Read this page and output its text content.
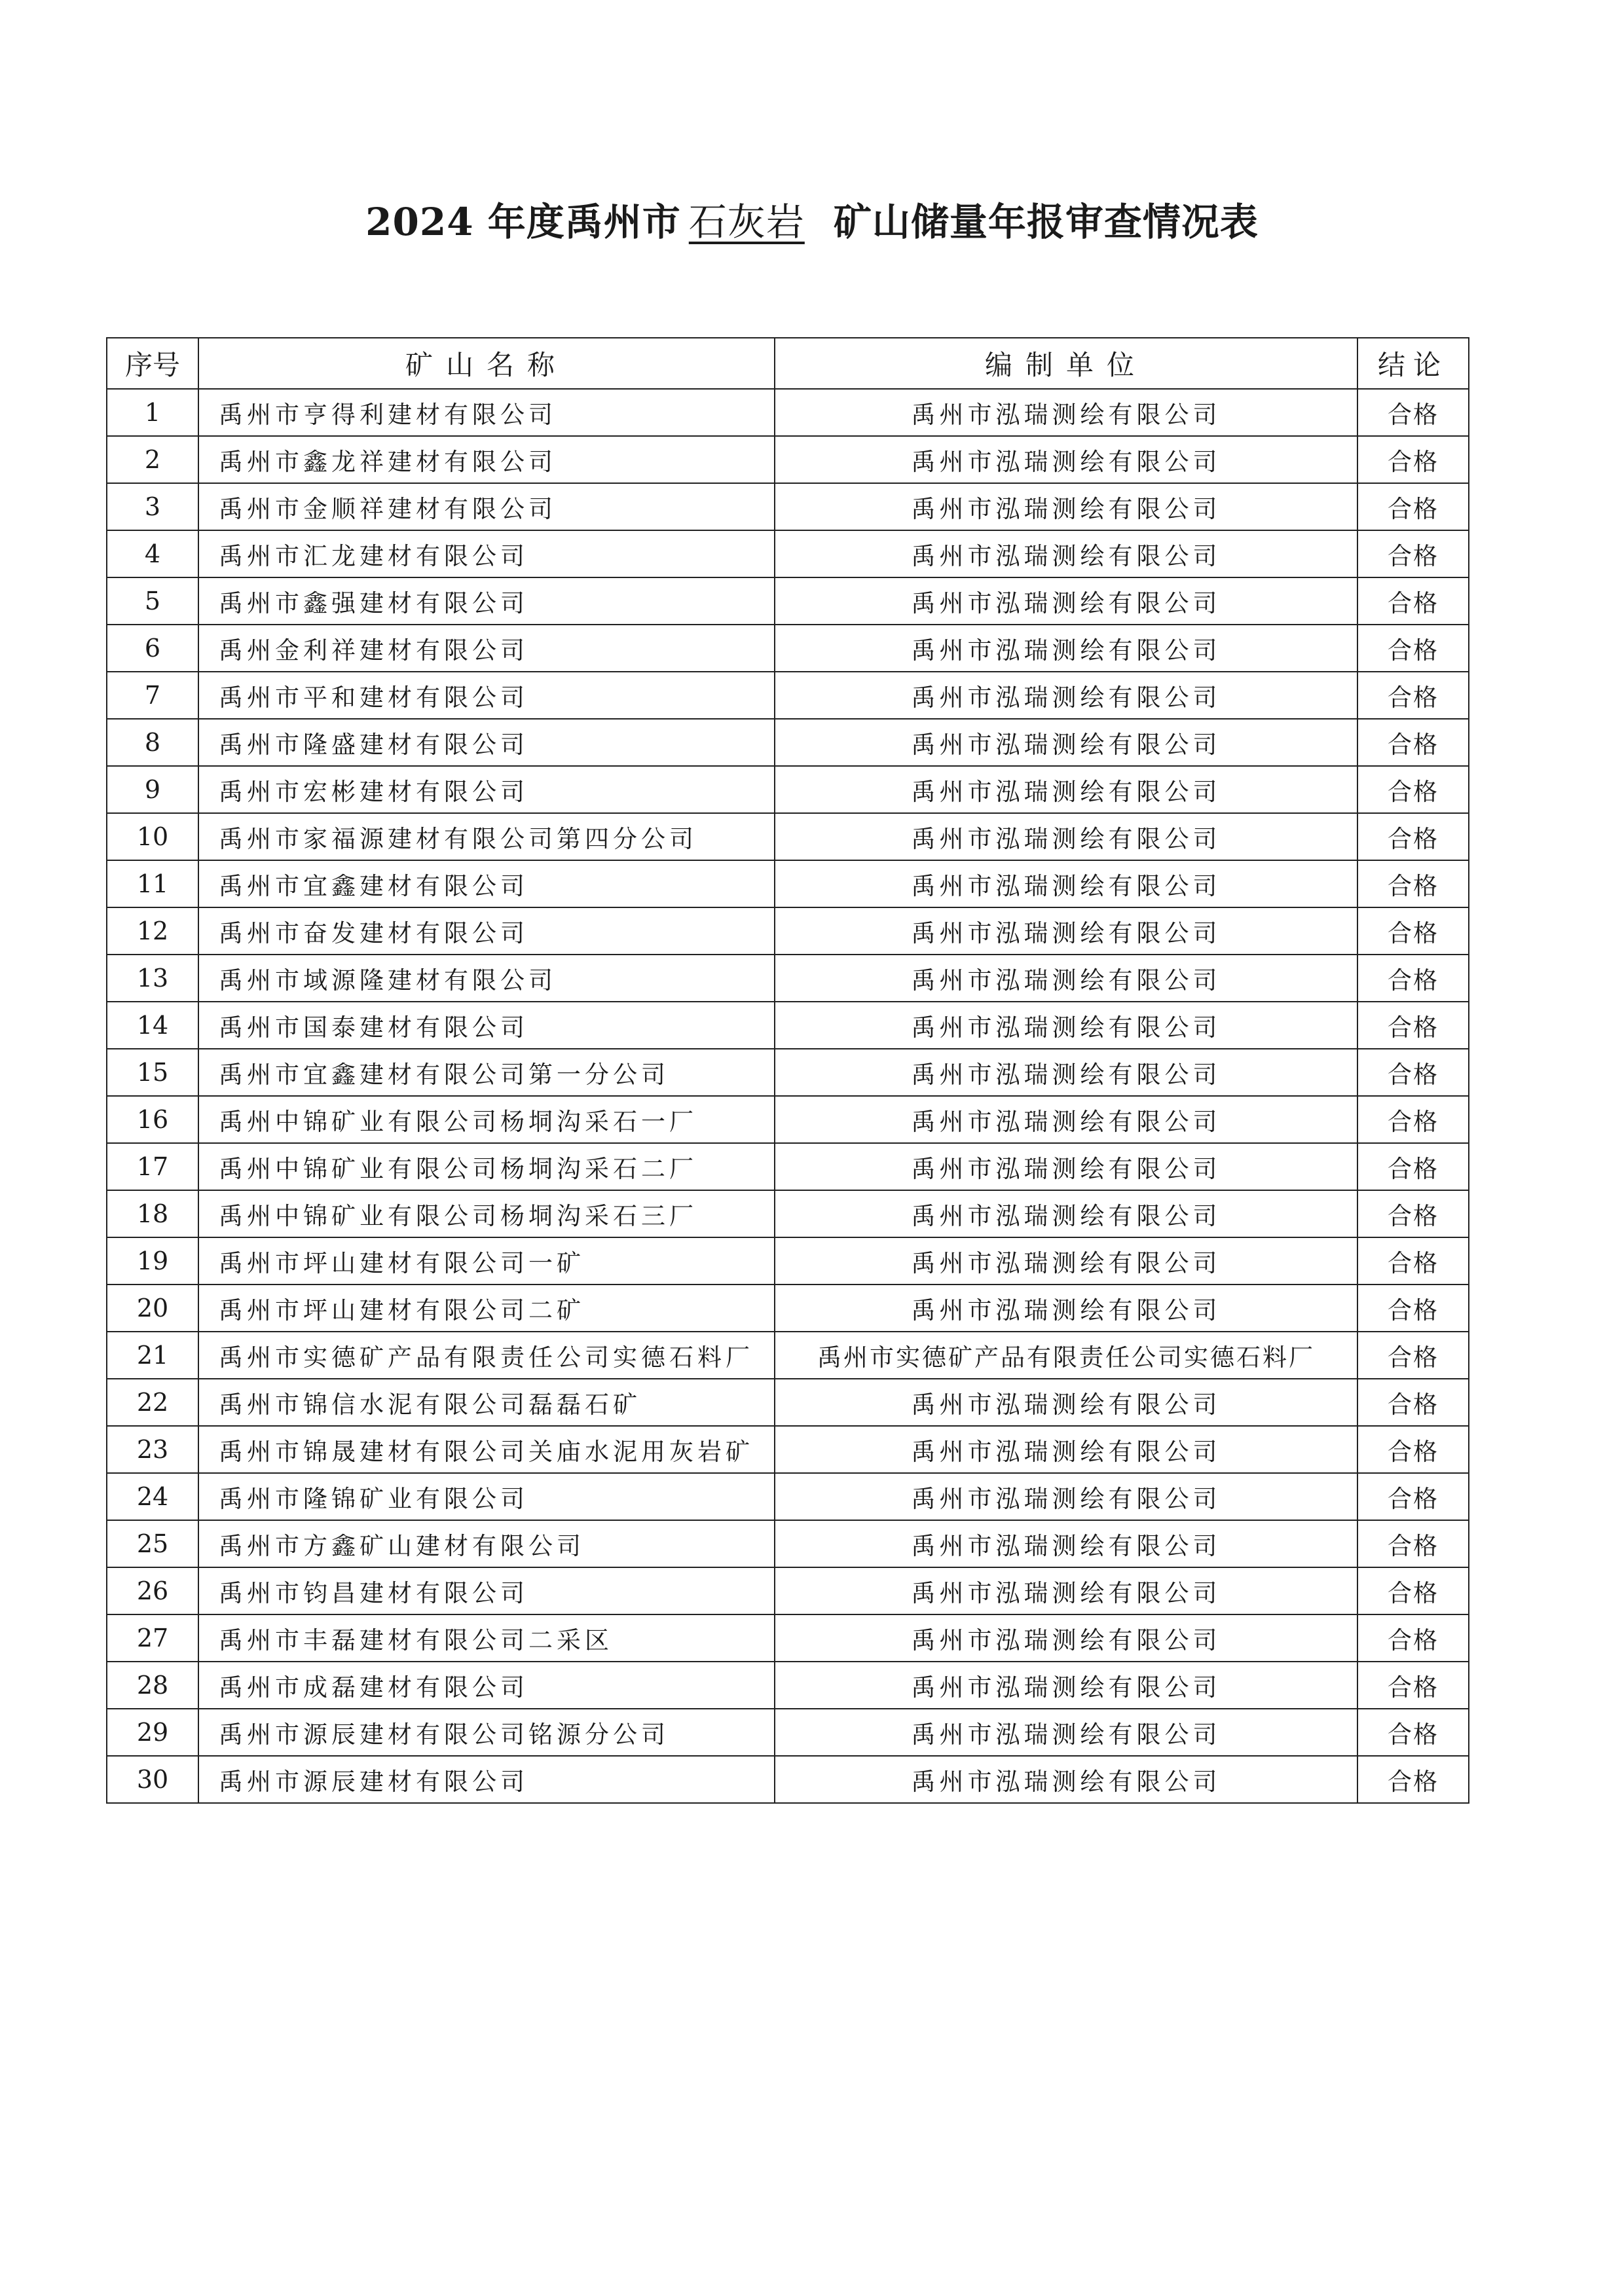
2024 年度禹州市 石灰岩 矿山储量年报审查情况表
序号	矿山名称	编制单位	结论
1	禹州市亨得利建材有限公司	禹州市泓瑞测绘有限公司	合格
2	禹州市鑫龙祥建材有限公司	禹州市泓瑞测绘有限公司	合格
3	禹州市金顺祥建材有限公司	禹州市泓瑞测绘有限公司	合格
4	禹州市汇龙建材有限公司	禹州市泓瑞测绘有限公司	合格
5	禹州市鑫强建材有限公司	禹州市泓瑞测绘有限公司	合格
6	禹州金利祥建材有限公司	禹州市泓瑞测绘有限公司	合格
7	禹州市平和建材有限公司	禹州市泓瑞测绘有限公司	合格
8	禹州市隆盛建材有限公司	禹州市泓瑞测绘有限公司	合格
9	禹州市宏彬建材有限公司	禹州市泓瑞测绘有限公司	合格
10	禹州市家福源建材有限公司第四分公司	禹州市泓瑞测绘有限公司	合格
11	禹州市宜鑫建材有限公司	禹州市泓瑞测绘有限公司	合格
12	禹州市奋发建材有限公司	禹州市泓瑞测绘有限公司	合格
13	禹州市域源隆建材有限公司	禹州市泓瑞测绘有限公司	合格
14	禹州市国泰建材有限公司	禹州市泓瑞测绘有限公司	合格
15	禹州市宜鑫建材有限公司第一分公司	禹州市泓瑞测绘有限公司	合格
16	禹州中锦矿业有限公司杨垌沟采石一厂	禹州市泓瑞测绘有限公司	合格
17	禹州中锦矿业有限公司杨垌沟采石二厂	禹州市泓瑞测绘有限公司	合格
18	禹州中锦矿业有限公司杨垌沟采石三厂	禹州市泓瑞测绘有限公司	合格
19	禹州市坪山建材有限公司一矿	禹州市泓瑞测绘有限公司	合格
20	禹州市坪山建材有限公司二矿	禹州市泓瑞测绘有限公司	合格
21	禹州市实德矿产品有限责任公司实德石料厂	禹州市实德矿产品有限责任公司实德石料厂	合格
22	禹州市锦信水泥有限公司磊磊石矿	禹州市泓瑞测绘有限公司	合格
23	禹州市锦晟建材有限公司关庙水泥用灰岩矿	禹州市泓瑞测绘有限公司	合格
24	禹州市隆锦矿业有限公司	禹州市泓瑞测绘有限公司	合格
25	禹州市方鑫矿山建材有限公司	禹州市泓瑞测绘有限公司	合格
26	禹州市钧昌建材有限公司	禹州市泓瑞测绘有限公司	合格
27	禹州市丰磊建材有限公司二采区	禹州市泓瑞测绘有限公司	合格
28	禹州市成磊建材有限公司	禹州市泓瑞测绘有限公司	合格
29	禹州市源辰建材有限公司铭源分公司	禹州市泓瑞测绘有限公司	合格
30	禹州市源辰建材有限公司	禹州市泓瑞测绘有限公司	合格
